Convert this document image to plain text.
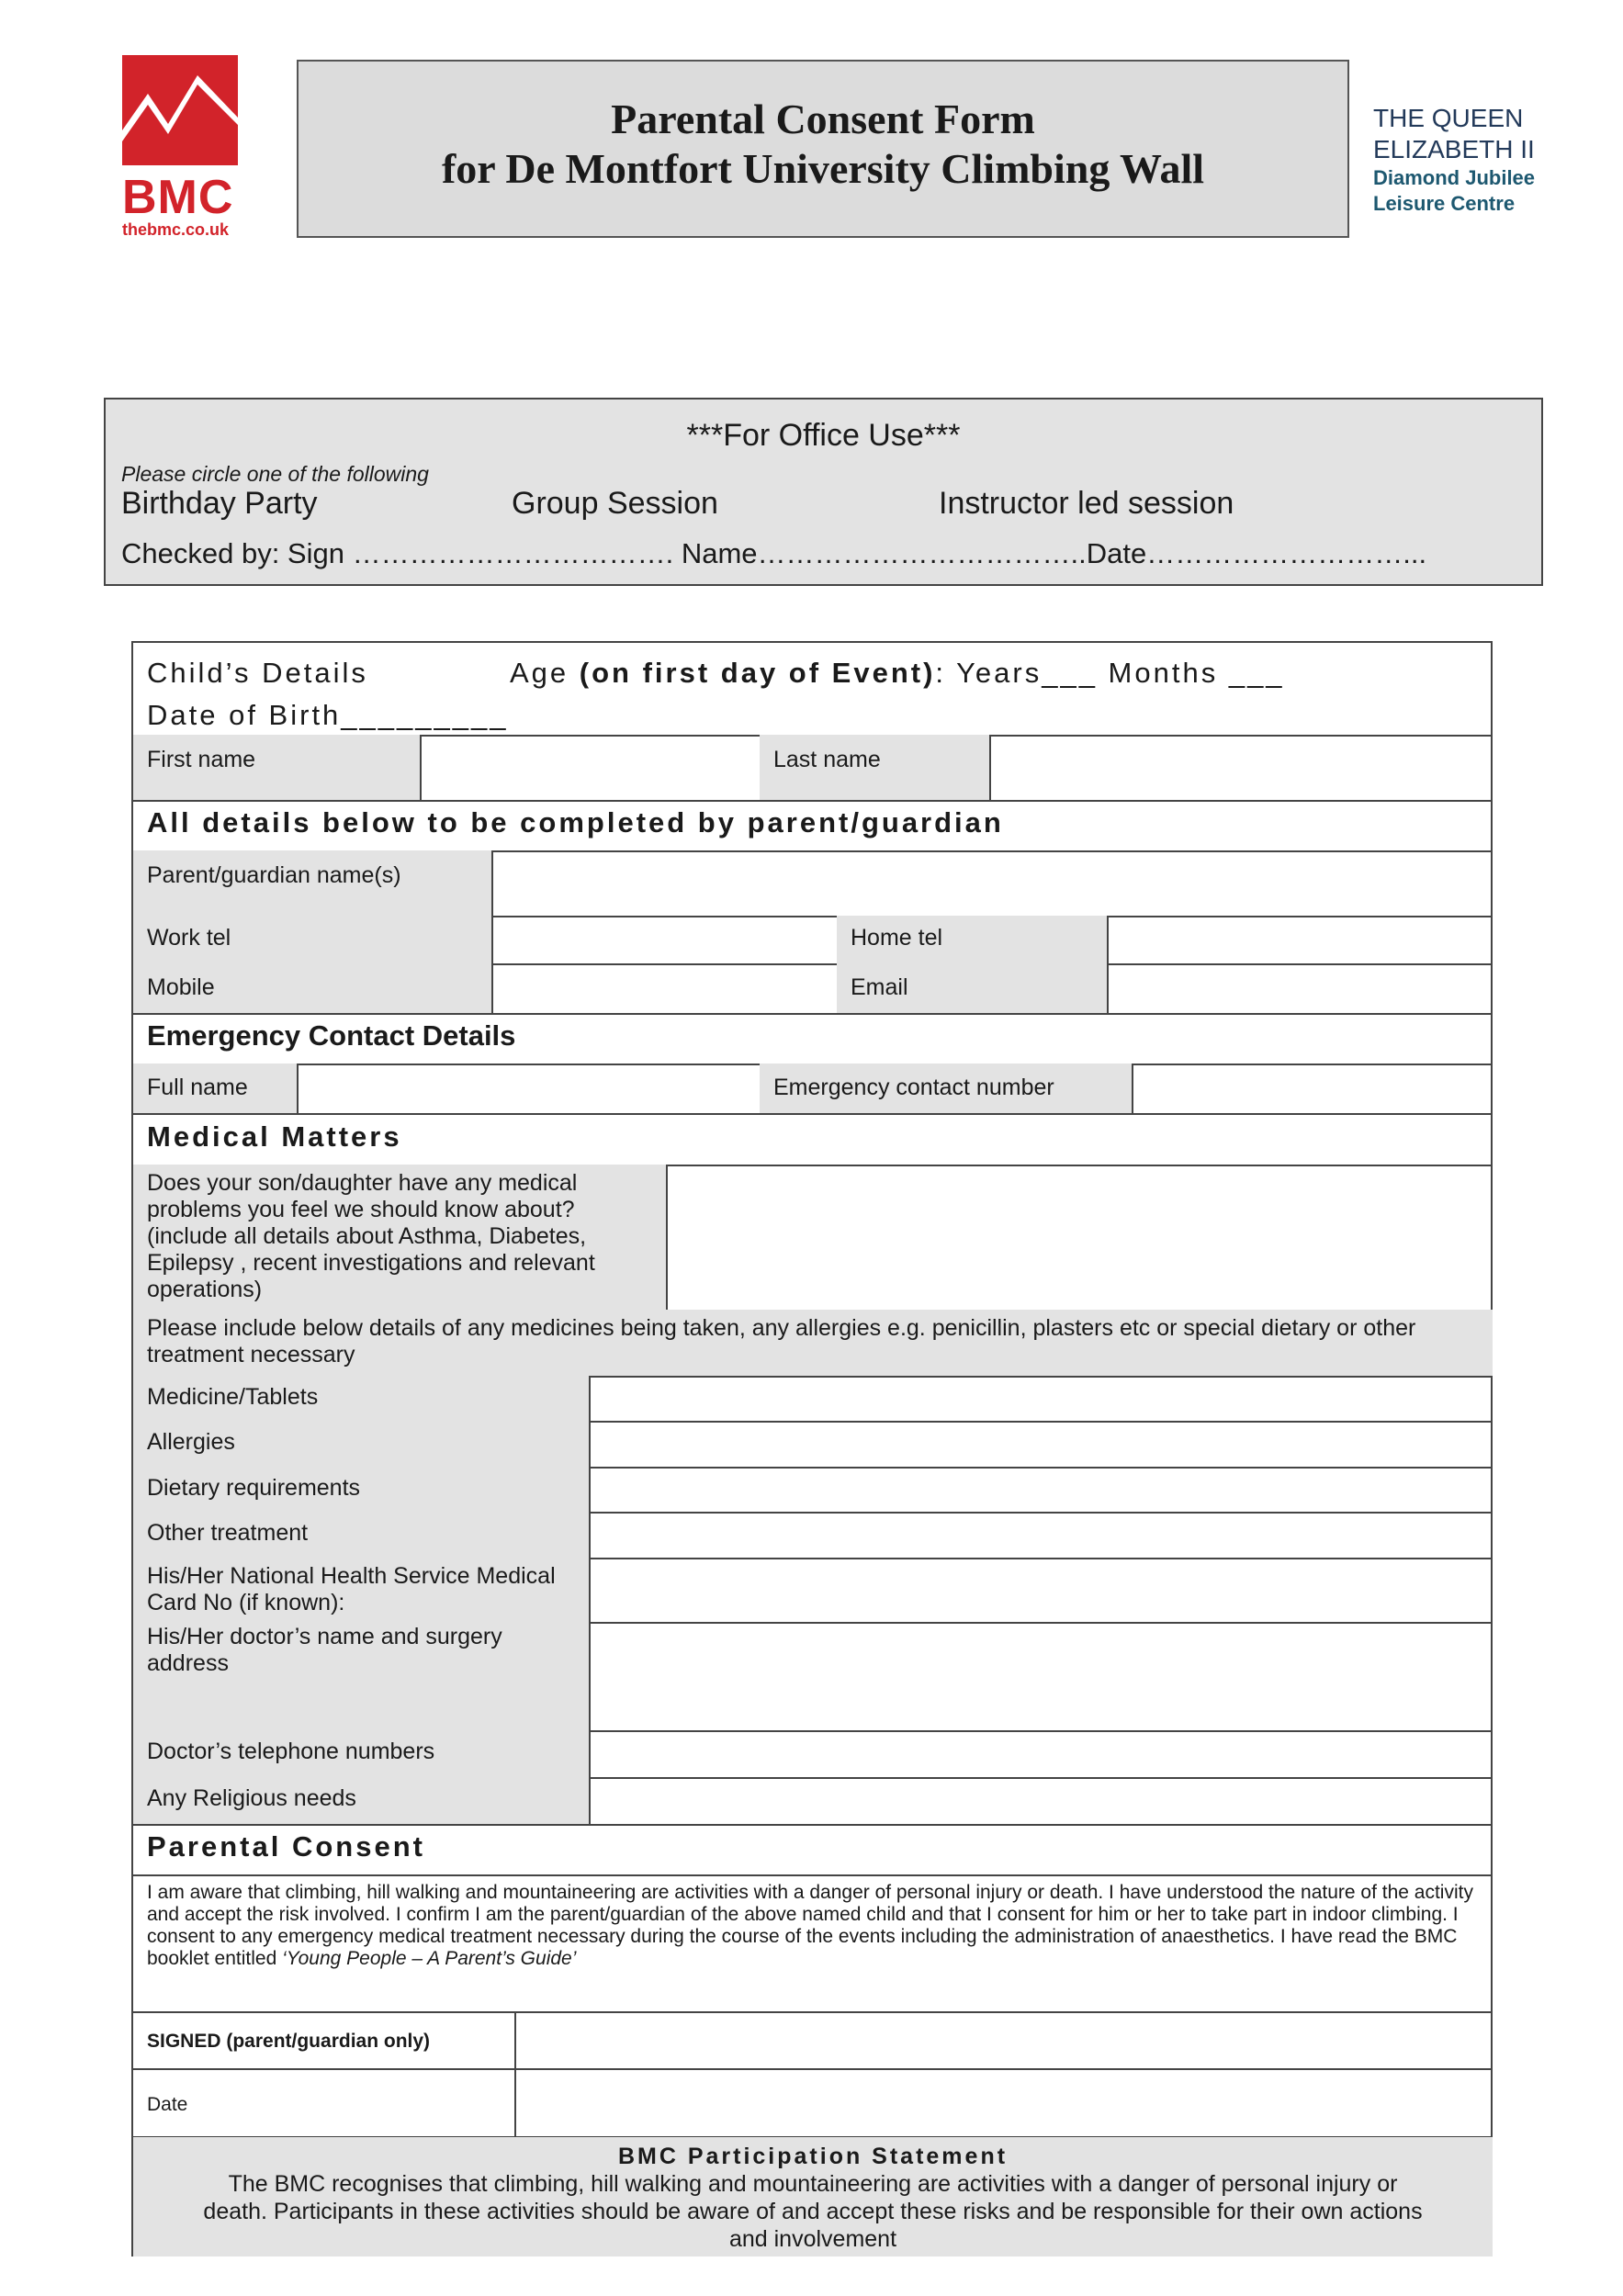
BMC
thebmc.co.uk
Parental Consent Form
for De Montfort University Climbing Wall
THE QUEEN
ELIZABETH II
Diamond Jubilee
Leisure Centre
***For Office Use***
Please circle one of the following
Birthday Party	Group Session	Instructor led session
Checked by: Sign ……………………………. Name……………………………..Date………………………...
Child’s Details	Age (on first day of Event): Years___ Months ___
Date of Birth_________
First name	Last name
All details below to be completed by parent/guardian
Parent/guardian name(s)
Work tel	Home tel
Mobile	Email
Emergency Contact Details
Full name	Emergency contact number
Medical Matters
Does your son/daughter have any medical problems you feel we should know about? (include all details about Asthma, Diabetes, Epilepsy , recent investigations and relevant operations)
Please include below details of any medicines being taken, any allergies e.g. penicillin, plasters etc or special dietary or other treatment necessary
Medicine/Tablets
Allergies
Dietary requirements
Other treatment
His/Her National Health Service Medical Card No (if known):
His/Her doctor’s name and surgery address
Doctor’s telephone numbers
Any Religious needs
Parental Consent
I am aware that climbing, hill walking and mountaineering are activities with a danger of personal injury or death. I have understood the nature of the activity and accept the risk involved. I confirm I am the parent/guardian of the above named child and that I consent for him or her to take part in indoor climbing. I consent to any emergency medical treatment necessary during the course of the events including the administration of anaesthetics. I have read the BMC booklet entitled ‘Young People – A Parent’s Guide’
SIGNED (parent/guardian only)
Date
BMC Participation Statement
The BMC recognises that climbing, hill walking and mountaineering are activities with a danger of personal injury or death. Participants in these activities should be aware of and accept these risks and be responsible for their own actions and involvement
